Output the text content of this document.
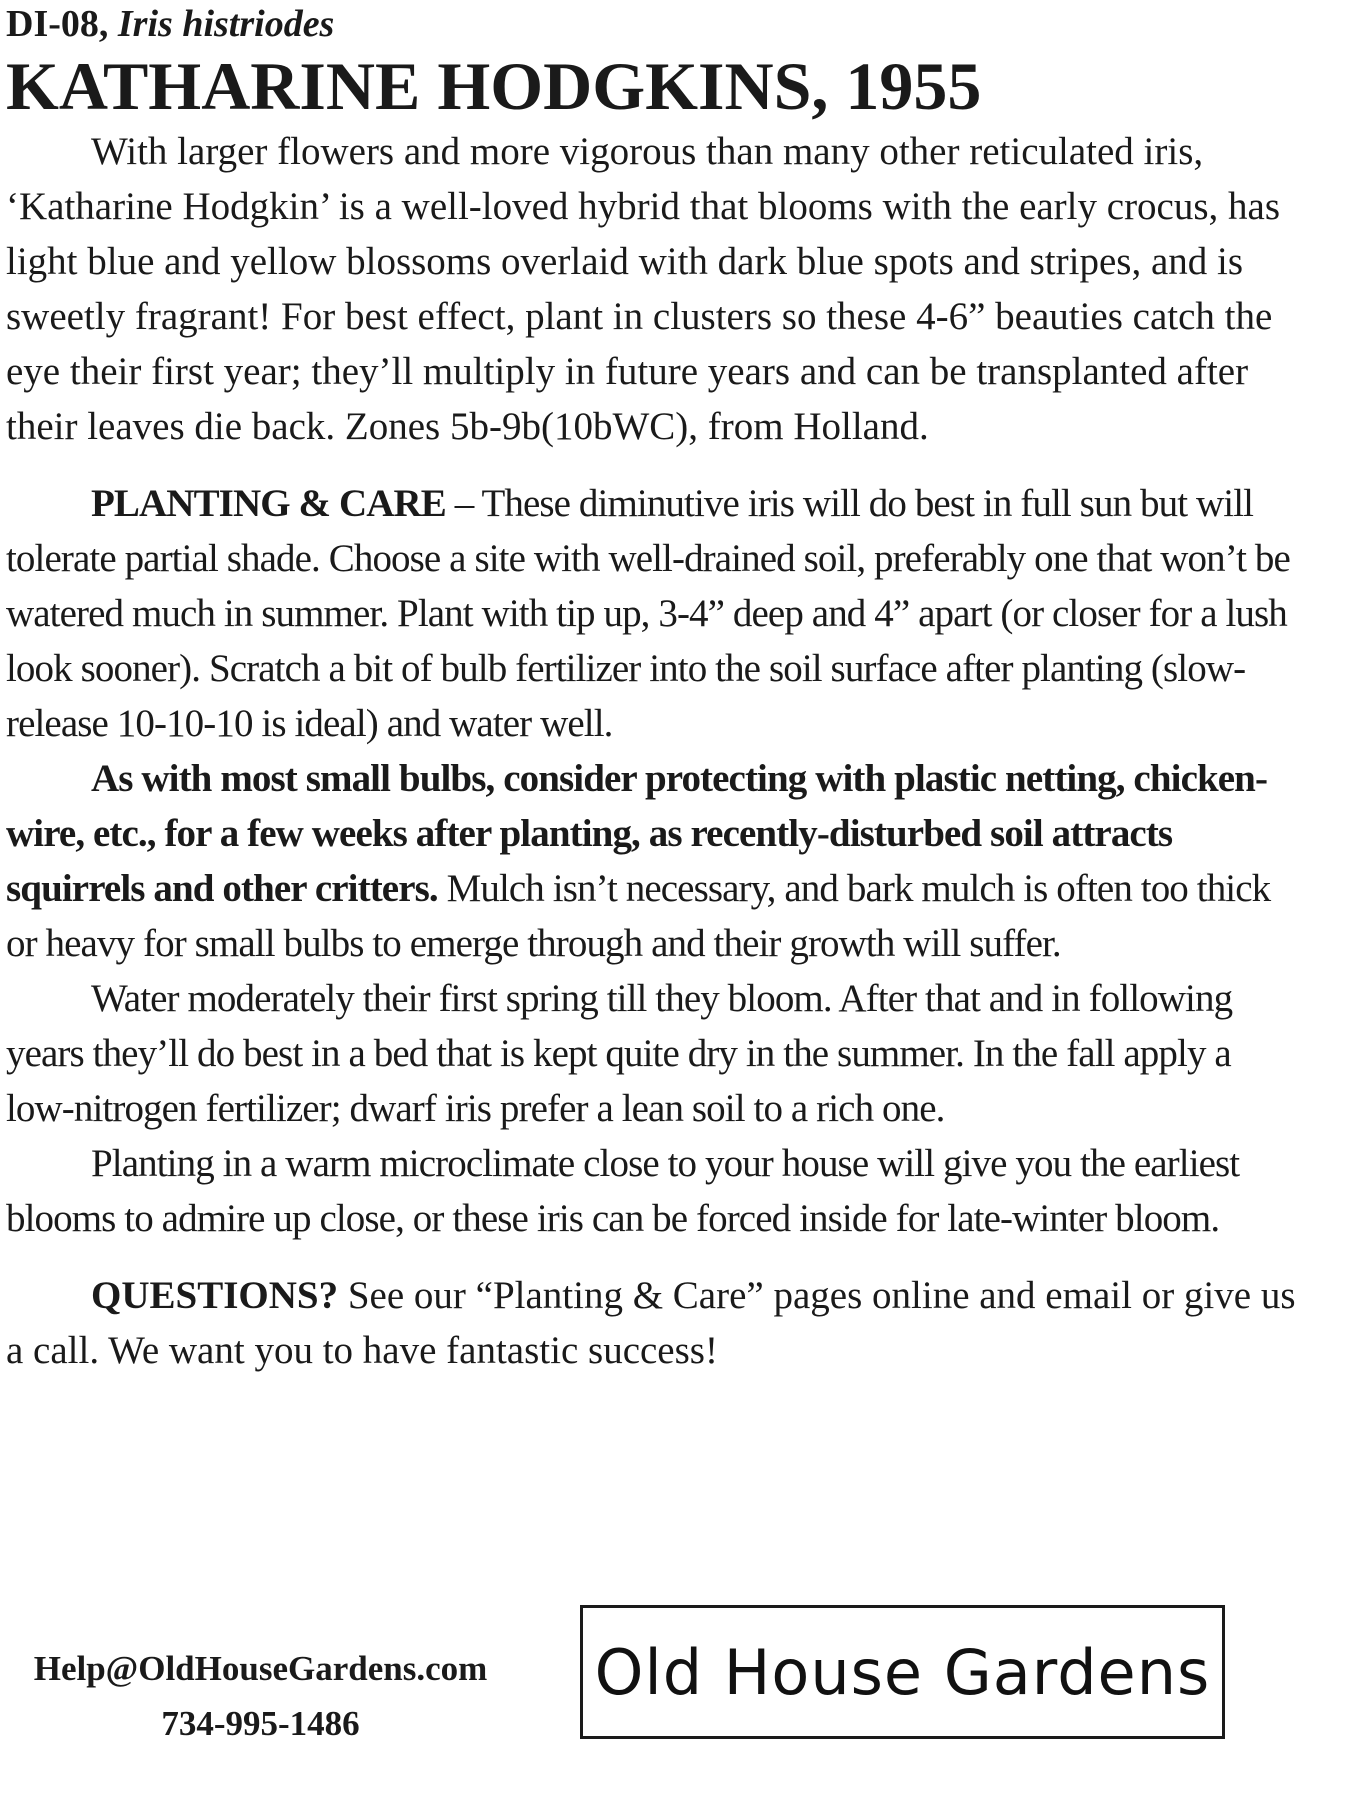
DI-08, Iris histriodes
KATHARINE HODGKINS, 1955

With larger flowers and more vigorous than many other reticulated iris, ‘Katharine Hodgkin’ is a well-loved hybrid that blooms with the early crocus, has light blue and yellow blossoms overlaid with dark blue spots and stripes, and is sweetly fragrant! For best effect, plant in clusters so these 4-6” beauties catch the eye their first year; they’ll multiply in future years and can be transplanted after their leaves die back. Zones 5b-9b(10bWC), from Holland.

PLANTING & CARE – These diminutive iris will do best in full sun but will tolerate partial shade. Choose a site with well-drained soil, preferably one that won’t be watered much in summer. Plant with tip up, 3-4” deep and 4” apart (or closer for a lush look sooner). Scratch a bit of bulb fertilizer into the soil surface after planting (slow-release 10-10-10 is ideal) and water well.

As with most small bulbs, consider protecting with plastic netting, chicken-wire, etc., for a few weeks after planting, as recently-disturbed soil attracts squirrels and other critters. Mulch isn’t necessary, and bark mulch is often too thick or heavy for small bulbs to emerge through and their growth will suffer.

Water moderately their first spring till they bloom. After that and in following years they’ll do best in a bed that is kept quite dry in the summer. In the fall apply a low-nitrogen fertilizer; dwarf iris prefer a lean soil to a rich one.

Planting in a warm microclimate close to your house will give you the earliest blooms to admire up close, or these iris can be forced inside for late-winter bloom.

QUESTIONS? See our “Planting & Care” pages online and email or give us a call. We want you to have fantastic success!

Help@OldHouseGardens.com
734-995-1486
Old House Gardens
